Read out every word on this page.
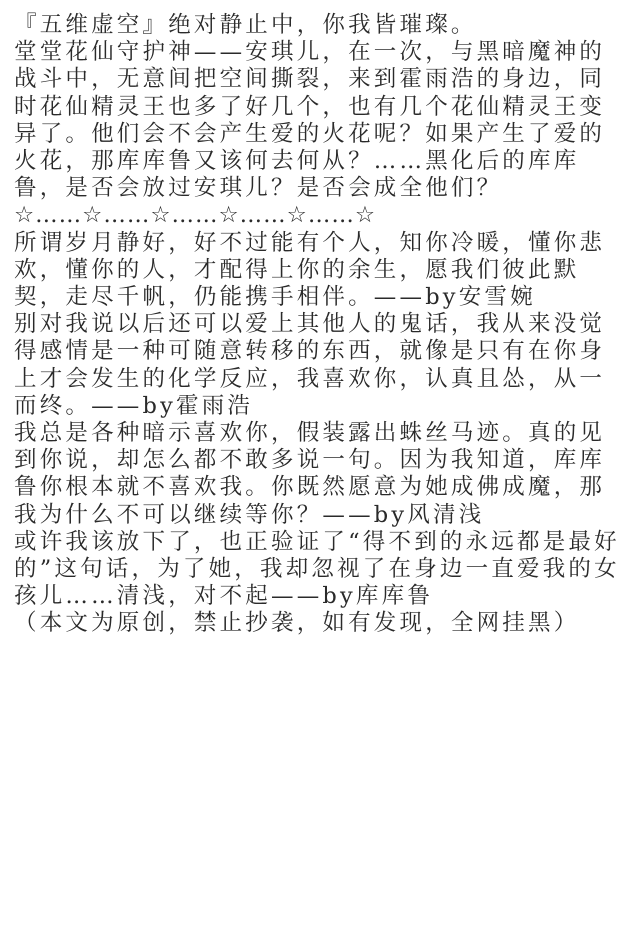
『五维虚空』绝对静止中，你我皆璀璨。
堂堂花仙守护神——安琪儿，在一次，与黑暗魔神的战斗中，无意间把空间撕裂，来到霍雨浩的身边，同时花仙精灵王也多了好几个，也有几个花仙精灵王变异了。他们会不会产生爱的火花呢？如果产生了爱的火花，那库库鲁又该何去何从？……黑化后的库库鲁，是否会放过安琪儿？是否会成全他们？

☆……☆……☆……☆……☆……☆

所谓岁月静好，好不过能有个人，知你冷暖，懂你悲欢，懂你的人，才配得上你的余生，愿我们彼此默契，走尽千帆，仍能携手相伴。——by安雪婉

别对我说以后还可以爱上其他人的鬼话，我从来没觉得感情是一种可随意转移的东西，就像是只有在你身上才会发生的化学反应，我喜欢你，认真且怂，从一而终。——by霍雨浩

我总是各种暗示喜欢你，假装露出蛛丝马迹。真的见到你说，却怎么都不敢多说一句。因为我知道，库库鲁你根本就不喜欢我。你既然愿意为她成佛成魔，那我为什么不可以继续等你？——by风清浅

或许我该放下了，也正验证了“得不到的永远都是最好的”这句话，为了她，我却忽视了在身边一直爱我的女孩儿……清浅，对不起——by库库鲁

（本文为原创，禁止抄袭，如有发现，全网挂黑）
